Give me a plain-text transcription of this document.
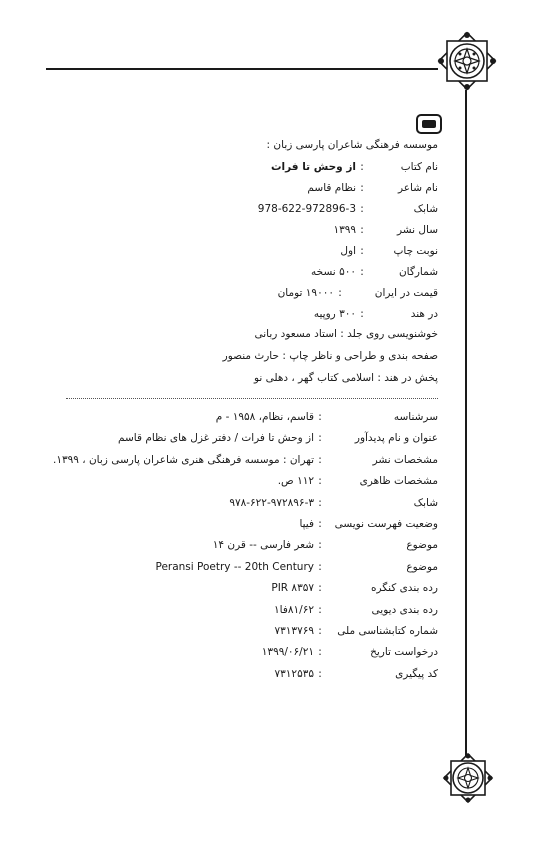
موسسه فرهنگی شاعران پارسی زبان :
نام کتاب:از وحش تا فرات
نام شاعر:نظام قاسم
شابک:978-622-972896-3
سال نشر:۱۳۹۹
نوبت چاپ:اول
شمارگان:۵۰۰ نسخه
قیمت در ایران:۱۹۰۰۰ تومان
در هند:۳۰۰ روپیه
خوشنویسی روی جلد : استاد مسعود ربانی
صفحه بندی و طراحی و ناظر چاپ : حارث منصور
پخش در هند : اسلامی کتاب گهر ، دهلی نو
سرشناسه:قاسم، نظام، ۱۹۵۸ - م
عنوان و نام پدیدآور:از وحش تا فرات / دفتر غزل های نظام قاسم
مشخصات نشر:تهران : موسسه فرهنگی هنری شاعران پارسی زبان ، ۱۳۹۹.
مشخصات ظاهری:۱۱۲ ص.
شابک:۹۷۸-۶۲۲-۹۷۲۸۹۶-۳
وضعیت فهرست نویسی:فیپا
موضوع:شعر فارسی -- قرن ۱۴
موضوع:Peransi Poetry -- 20th Century
رده بندی کنگره:PIR ۸۳۵۷
رده بندی دیویی:۸۱/۶۲فا۱
شماره کتابشناسی ملی:۷۳۱۳۷۶۹
درخواست تاریخ:۱۳۹۹/۰۶/۲۱
کد پیگیری:۷۳۱۲۵۳۵
